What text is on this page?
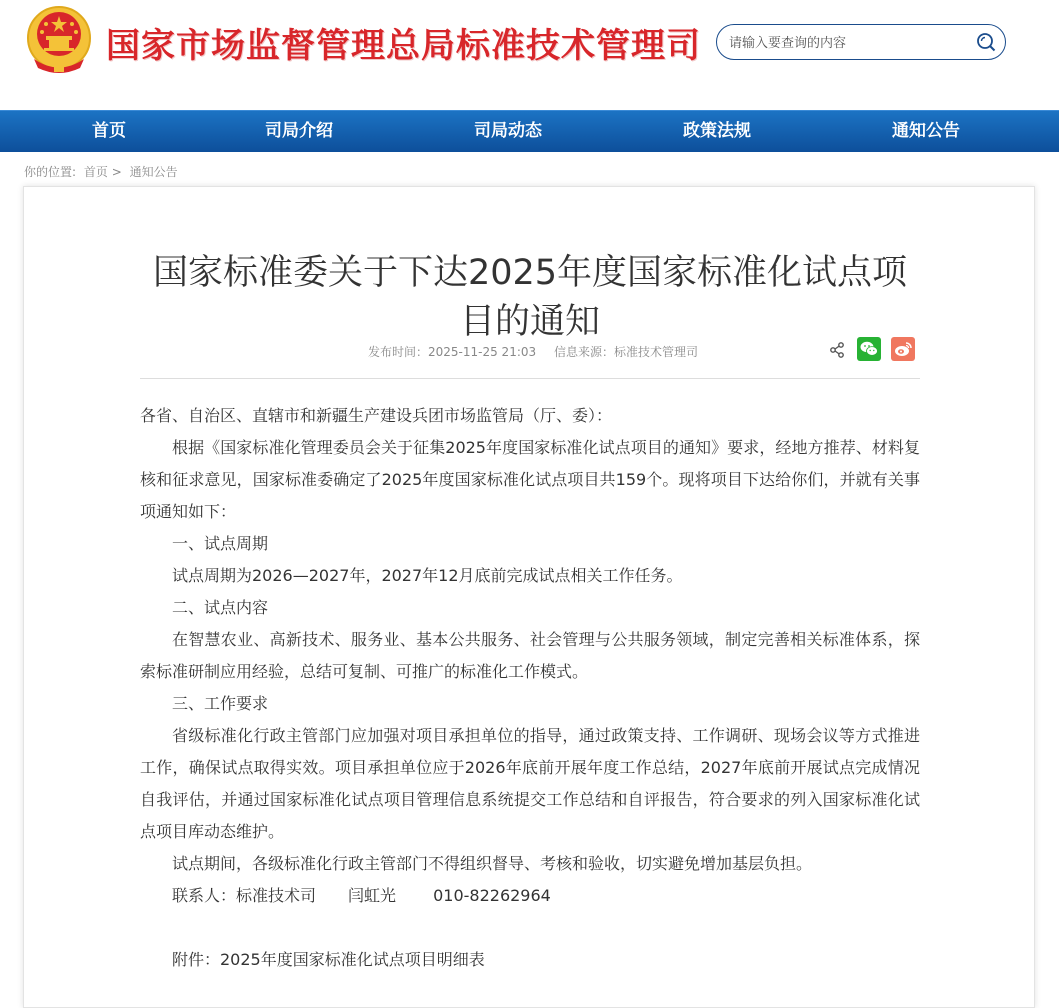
国家市场监督管理总局标准技术管理司
请输入要查询的内容
首页	司局介绍	司局动态	政策法规	通知公告
你的位置: 首页 > 通知公告
国家标准委关于下达2025年度国家标准化试点项目的通知
发布时间：2025-11-25 21:03 信息来源：标准技术管理司

各省、自治区、直辖市和新疆生产建设兵团市场监管局（厅、委）：

根据《国家标准化管理委员会关于征集2025年度国家标准化试点项目的通知》要求，经地方推荐、材料复核和征求意见，国家标准委确定了2025年度国家标准化试点项目共159个。现将项目下达给你们，并就有关事项通知如下：

一、试点周期

试点周期为2026—2027年，2027年12月底前完成试点相关工作任务。

二、试点内容

在智慧农业、高新技术、服务业、基本公共服务、社会管理与公共服务领域，制定完善相关标准体系，探索标准研制应用经验，总结可复制、可推广的标准化工作模式。

三、工作要求

省级标准化行政主管部门应加强对项目承担单位的指导，通过政策支持、工作调研、现场会议等方式推进工作，确保试点取得实效。项目承担单位应于2026年底前开展年度工作总结，2027年底前开展试点完成情况自我评估，并通过国家标准化试点项目管理信息系统提交工作总结和自评报告，符合要求的列入国家标准化试点项目库动态维护。

试点期间，各级标准化行政主管部门不得组织督导、考核和验收，切实避免增加基层负担。

联系人：标准技术司　　闫虹光　　 010-82262964

附件：2025年度国家标准化试点项目明细表
